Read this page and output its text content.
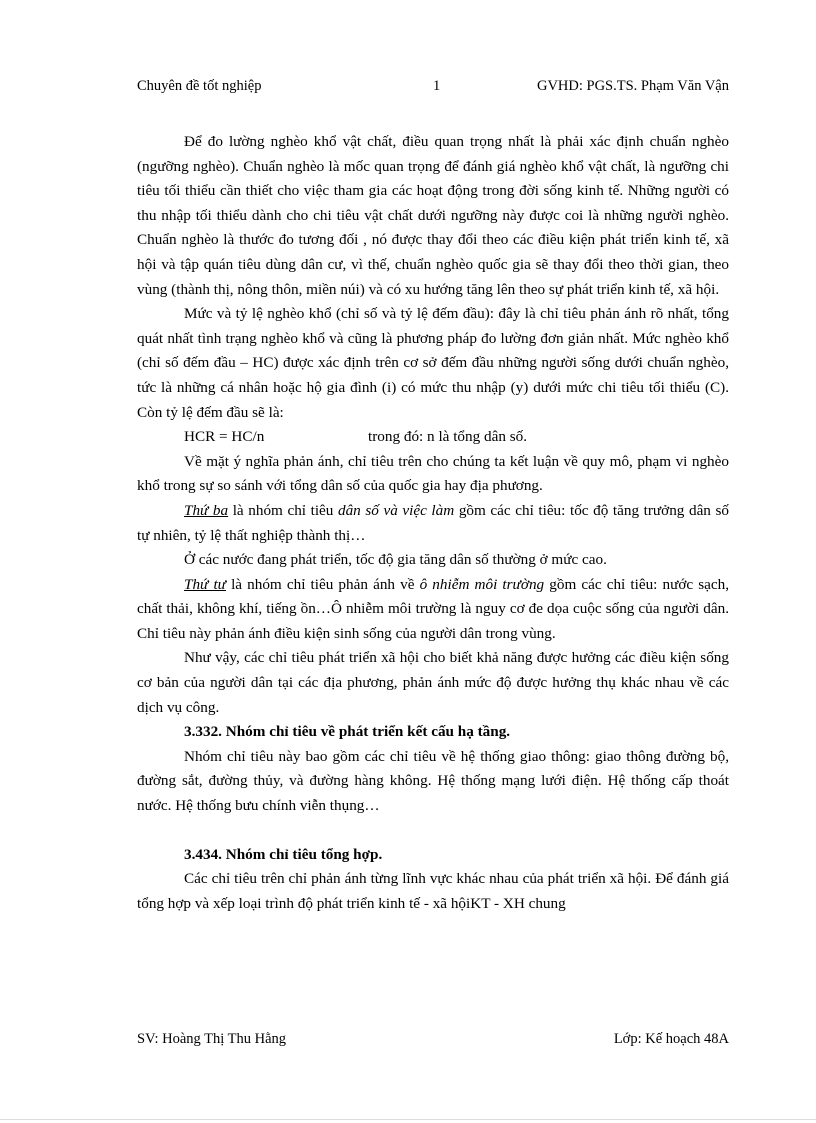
Chuyên đề tốt nghiệp	1	GVHD: PGS.TS. Phạm Văn Vận

Để đo lường nghèo khổ vật chất, điều quan trọng nhất là phải xác định chuẩn nghèo (ngưỡng nghèo). Chuẩn nghèo là mốc quan trọng để đánh giá nghèo khổ vật chất, là ngưỡng chi tiêu tối thiểu cần thiết cho việc tham gia các hoạt động trong đời sống kinh tế. Những người có thu nhập tối thiểu dành cho chi tiêu vật chất dưới ngưỡng này được coi là những người nghèo. Chuẩn nghèo là thước đo tương đối , nó được thay đổi theo các điều kiện phát triển kinh tế, xã hội và tập quán tiêu dùng dân cư, vì thế, chuẩn nghèo quốc gia sẽ thay đổi theo thời gian, theo vùng (thành thị, nông thôn, miền núi) và có xu hướng tăng lên theo sự phát triển kinh tế, xã hội.

Mức và tỷ lệ nghèo khổ (chỉ số và tỷ lệ đếm đầu): đây là chỉ tiêu phản ánh rõ nhất, tổng quát nhất tình trạng nghèo khổ và cũng là phương pháp đo lường đơn giản nhất. Mức nghèo khổ (chỉ số đếm đầu – HC) được xác định trên cơ sở đếm đầu những người sống dưới chuẩn nghèo, tức là những cá nhân hoặc hộ gia đình (i) có mức thu nhập (y) dưới mức chi tiêu tối thiểu (C). Còn tỷ lệ đếm đầu sẽ là:

HCR = HC/n	trong đó: n là tổng dân số.

Về mặt ý nghĩa phản ánh, chỉ tiêu trên cho chúng ta kết luận về quy mô, phạm vi nghèo khổ trong sự so sánh với tổng dân số của quốc gia hay địa phương.

Thứ ba là nhóm chỉ tiêu dân số và việc làm gồm các chỉ tiêu: tốc độ tăng trưởng dân số tự nhiên, tỷ lệ thất nghiệp thành thị…

Ở các nước đang phát triển, tốc độ gia tăng dân số thường ở mức cao.

Thứ tư là nhóm chỉ tiêu phản ánh về ô nhiễm môi trường gồm các chỉ tiêu: nước sạch, chất thải, không khí, tiếng ồn…Ô nhiễm môi trường là nguy cơ đe dọa cuộc sống của người dân. Chỉ tiêu này phản ánh điều kiện sinh sống của người dân trong vùng.

Như vậy, các chỉ tiêu phát triển xã hội cho biết khả năng được hưởng các điều kiện sống cơ bản của người dân tại các địa phương, phản ánh mức độ được hưởng thụ khác nhau về các dịch vụ công.

3.332. Nhóm chỉ tiêu về phát triển kết cấu hạ tầng.

Nhóm chỉ tiêu này bao gồm các chỉ tiêu về hệ thống giao thông: giao thông đường bộ, đường sắt, đường thủy, và đường hàng không. Hệ thống mạng lưới điện. Hệ thống cấp thoát nước. Hệ thống bưu chính viễn thụng…

3.434. Nhóm chỉ tiêu tổng hợp.

Các chỉ tiêu trên chỉ phản ánh từng lĩnh vực khác nhau của phát triển xã hội. Để đánh giá tổng hợp và xếp loại trình độ phát triển kinh tế - xã hộiKT - XH chung

SV: Hoàng Thị Thu Hằng	Lớp: Kế hoạch 48A
